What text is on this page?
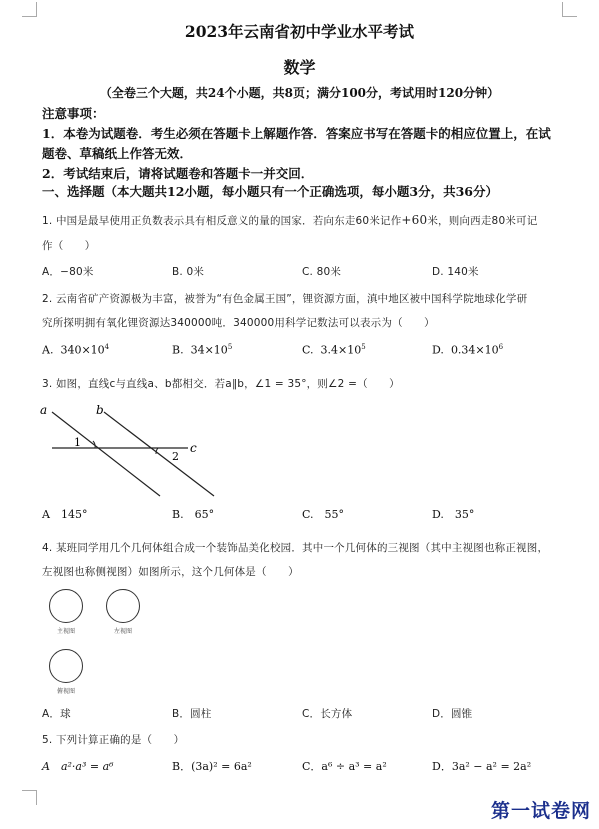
2023年云南省初中学业水平考试
数学
（全卷三个大题，共24个小题，共8页；满分100分，考试用时120分钟）
注意事项：
1．本卷为试题卷．考生必须在答题卡上解题作答．答案应书写在答题卡的相应位置上，在试
题卷、草稿纸上作答无效．
2．考试结束后，请将试题卷和答题卡一并交回．
一、选择题（本大题共12小题，每小题只有一个正确选项，每小题3分，共36分）
1. 中国是最早使用正负数表示具有相反意义的量的国家．若向东走60米记作+60米，则向西走80米可记
作（　　）
A．−80米	B. 0米	C. 80米	D. 140米
2. 云南省矿产资源极为丰富，被誉为“有色金属王国”，锂资源方面，滇中地区被中国科学院地球化学研
究所探明拥有氧化锂资源达340000吨．340000用科学记数法可以表示为（　　）
A. $340\times 10^4$	B. $34\times 10^5$	C. $3.4\times 10^5$	D. $0.34\times 10^6$
3. 如图，直线c与直线a、b都相交．若a∥b，∠1 = 35°，则∠2 =（　　）
a	b
c
1
2
A　145°	B.　65°	C.　55°	D.　35°
4. 某班同学用几个几何体组合成一个装饰品美化校园．其中一个几何体的三视图（其中主视图也称正视图，
左视图也称侧视图）如图所示，这个几何体是（　　）
主视图	左视图
俯视图
A．球	B．圆柱	C．长方体	D．圆锥
5. 下列计算正确的是（　　）
A　a²·a³ = a⁶	B．(3a)² = 6a²	C．a⁶ ÷ a³ = a²	D．3a² − a² = 2a²
第一试卷网
